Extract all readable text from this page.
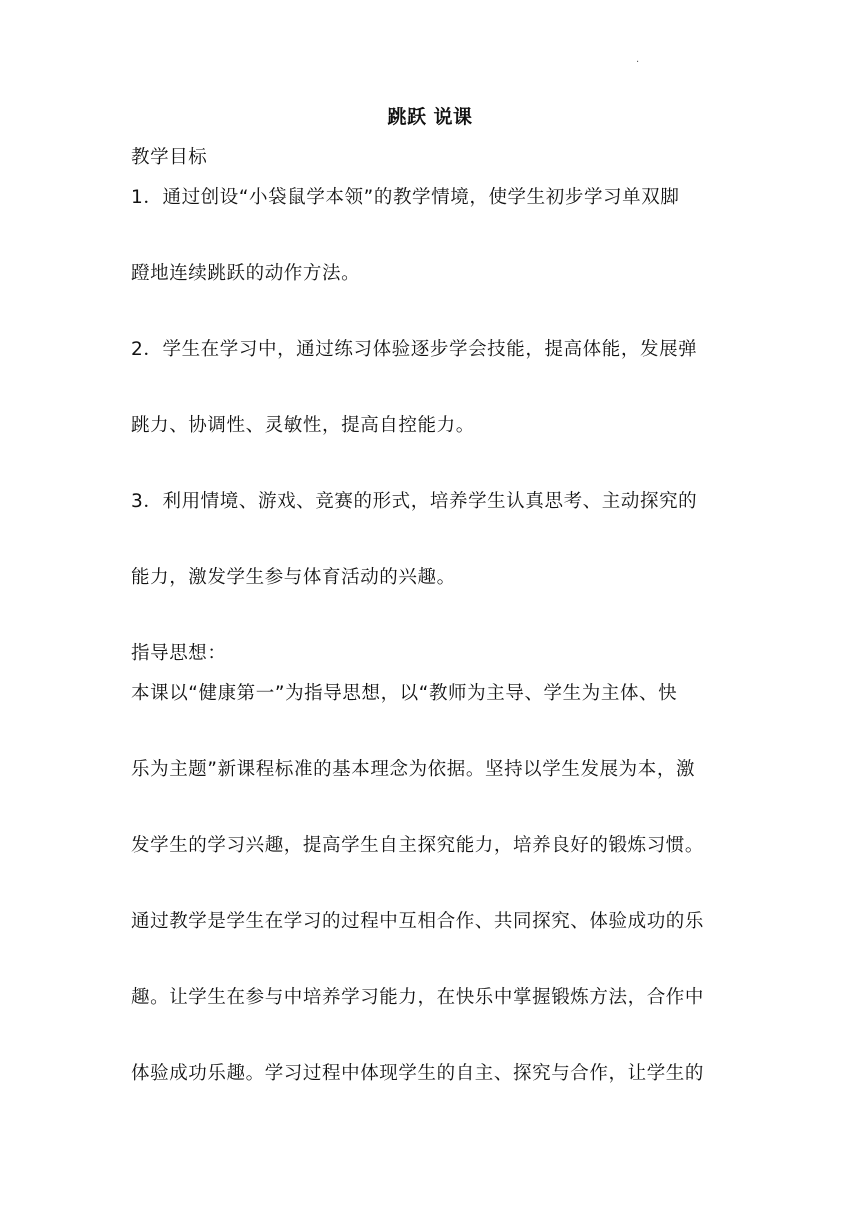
·
跳跃 说课
教学目标
1．通过创设“小袋鼠学本领”的教学情境，使学生初步学习单双脚
蹬地连续跳跃的动作方法。
2．学生在学习中，通过练习体验逐步学会技能，提高体能，发展弹
跳力、协调性、灵敏性，提高自控能力。
3．利用情境、游戏、竞赛的形式，培养学生认真思考、主动探究的
能力，激发学生参与体育活动的兴趣。
指导思想：
本课以“健康第一”为指导思想，以“教师为主导、学生为主体、快
乐为主题”新课程标准的基本理念为依据。坚持以学生发展为本，激
发学生的学习兴趣，提高学生自主探究能力，培养良好的锻炼习惯。
通过教学是学生在学习的过程中互相合作、共同探究、体验成功的乐
趣。让学生在参与中培养学习能力，在快乐中掌握锻炼方法，合作中
体验成功乐趣。学习过程中体现学生的自主、探究与合作，让学生的
